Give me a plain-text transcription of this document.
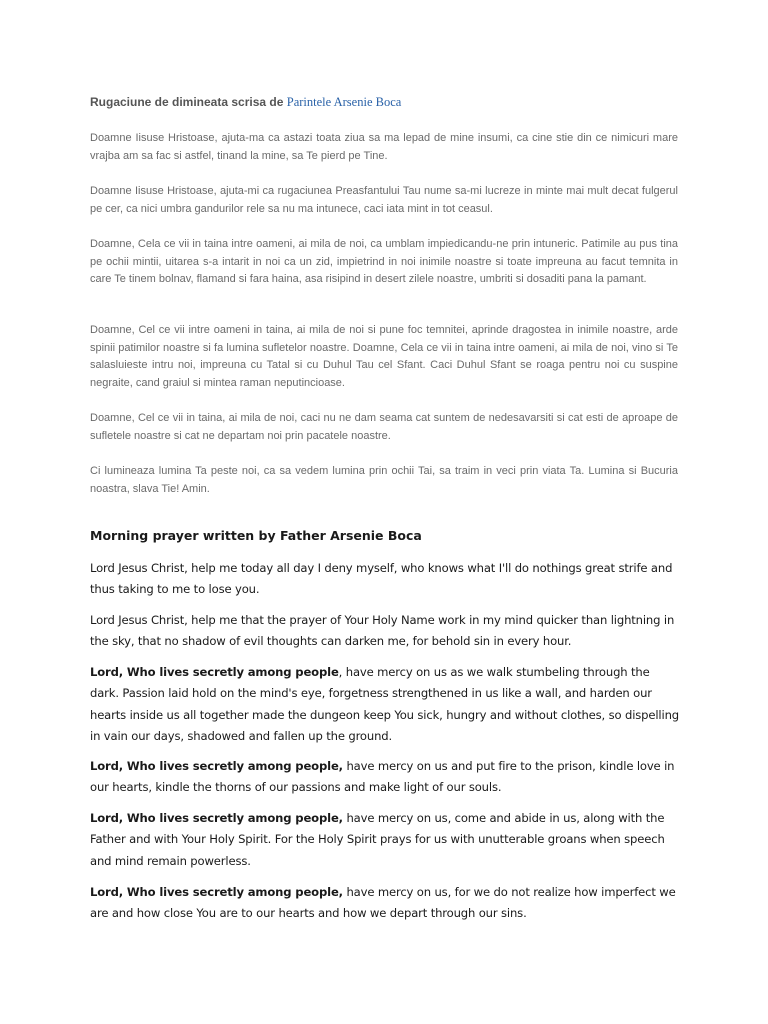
Rugaciune de dimineata scrisa de Parintele Arsenie Boca

Doamne Iisuse Hristoase, ajuta-ma ca astazi toata ziua sa ma lepad de mine insumi, ca cine stie din ce nimicuri mare vrajba am sa fac si astfel, tinand la mine, sa Te pierd pe Tine.

Doamne Iisuse Hristoase, ajuta-mi ca rugaciunea Preasfantului Tau nume sa-mi lucreze in minte mai mult decat fulgerul pe cer, ca nici umbra gandurilor rele sa nu ma intunece, caci iata mint in tot ceasul.

Doamne, Cela ce vii in taina intre oameni, ai mila de noi, ca umblam impiedicandu-ne prin intuneric. Patimile au pus tina pe ochii mintii, uitarea s-a intarit in noi ca un zid, impietrind in noi inimile noastre si toate impreuna au facut temnita in care Te tinem bolnav, flamand si fara haina, asa risipind in desert zilele noastre, umbriti si dosaditi pana la pamant.

Doamne, Cel ce vii intre oameni in taina, ai mila de noi si pune foc temnitei, aprinde dragostea in inimile noastre, arde spinii patimilor noastre si fa lumina sufletelor noastre. Doamne, Cela ce vii in taina intre oameni, ai mila de noi, vino si Te salasluieste intru noi, impreuna cu Tatal si cu Duhul Tau cel Sfant. Caci Duhul Sfant se roaga pentru noi cu suspine negraite, cand graiul si mintea raman neputincioase.

Doamne, Cel ce vii in taina, ai mila de noi, caci nu ne dam seama cat suntem de nedesavarsiti si cat esti de aproape de sufletele noastre si cat ne departam noi prin pacatele noastre.

Ci lumineaza lumina Ta peste noi, ca sa vedem lumina prin ochii Tai, sa traim in veci prin viata Ta. Lumina si Bucuria noastra, slava Tie! Amin.

Morning prayer written by Father Arsenie Boca

Lord Jesus Christ, help me today all day I deny myself, who knows what I'll do nothings great strife and thus taking to me to lose you.

Lord Jesus Christ, help me that the prayer of Your Holy Name work in my mind quicker than lightning in the sky, that no shadow of evil thoughts can darken me, for behold sin in every hour.

Lord, Who lives secretly among people, have mercy on us as we walk stumbeling through the dark. Passion laid hold on the mind's eye, forgetness strengthened in us like a wall, and harden our hearts inside us all together made the dungeon keep You sick, hungry and without clothes, so dispelling in vain our days, shadowed and fallen up the ground.

Lord, Who lives secretly among people, have mercy on us and put fire to the prison, kindle love in our hearts, kindle the thorns of our passions and make light of our souls.

Lord, Who lives secretly among people, have mercy on us, come and abide in us, along with the Father and with Your Holy Spirit. For the Holy Spirit prays for us with unutterable groans when speech and mind remain powerless.

Lord, Who lives secretly among people, have mercy on us, for we do not realize how imperfect we are and how close You are to our hearts and how we depart through our sins.
